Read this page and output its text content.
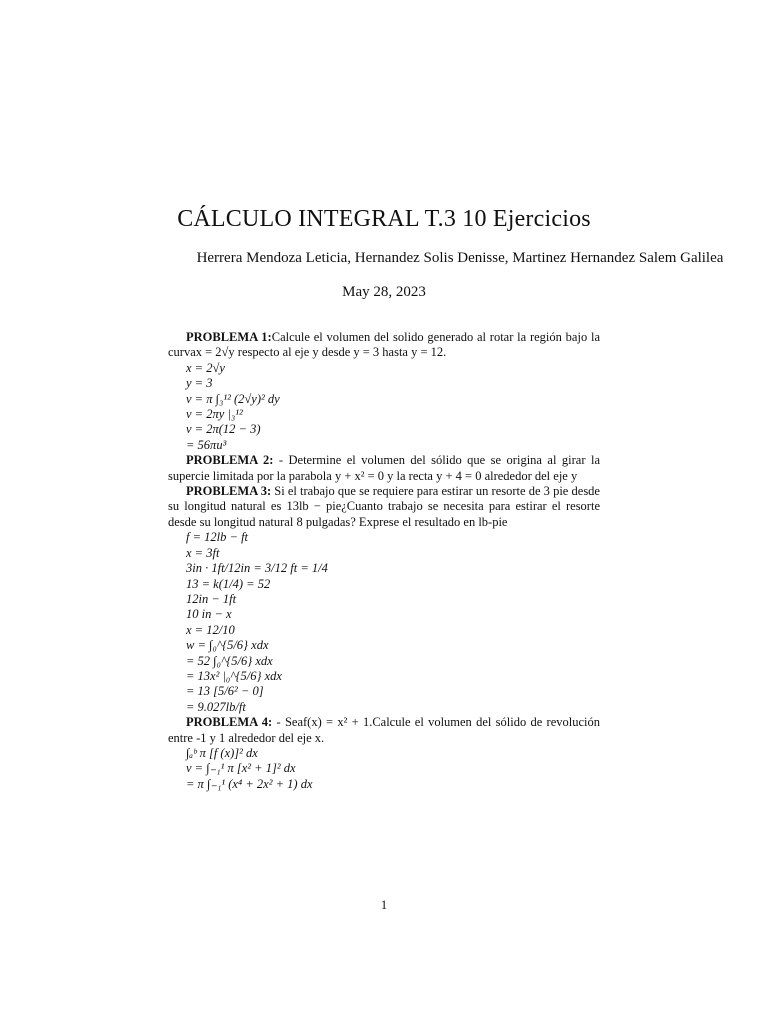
CÁLCULO INTEGRAL T.3 10 Ejercicios
Herrera Mendoza Leticia, Hernandez Solis Denisse, Martinez Hernandez Salem Galilea
May 28, 2023

PROBLEMA 1:Calcule el volumen del solido generado al rotar la región bajo la curvax = 2√y respecto al eje y desde y = 3 hasta y = 12.

x = 2√y
y = 3
v = π ∫₃¹² (2√y)² dy
v = 2πy |₃¹²
v = 2π(12 − 3)
= 56πu³

PROBLEMA 2: - Determine el volumen del sólido que se origina al girar la supercie limitada por la parabola y + x² = 0 y la recta y + 4 = 0 alrededor del eje y

PROBLEMA 3: Si el trabajo que se requiere para estirar un resorte de 3 pie desde su longitud natural es 13lb − pie¿Cuanto trabajo se necesita para estirar el resorte desde su longitud natural 8 pulgadas? Exprese el resultado en lb-pie

f = 12lb − ft
x = 3ft
3in · 1ft/12in = 3/12 ft = 1/4
13 = k(1/4) = 52
12in − 1ft
10 in − x
x = 12/10
w = ∫₀^{5/6} xdx
= 52 ∫₀^{5/6} xdx
= 13x² |₀^{5/6} xdx
= 13 [5/6² − 0]
= 9.027lb/ft

PROBLEMA 4: - Seaf(x) = x² + 1.Calcule el volumen del sólido de revolución entre -1 y 1 alrededor del eje x.

∫ₐᵇ π [f (x)]² dx
v = ∫₋₁¹ π [x² + 1]² dx
= π ∫₋₁¹ (x⁴ + 2x² + 1) dx
1
